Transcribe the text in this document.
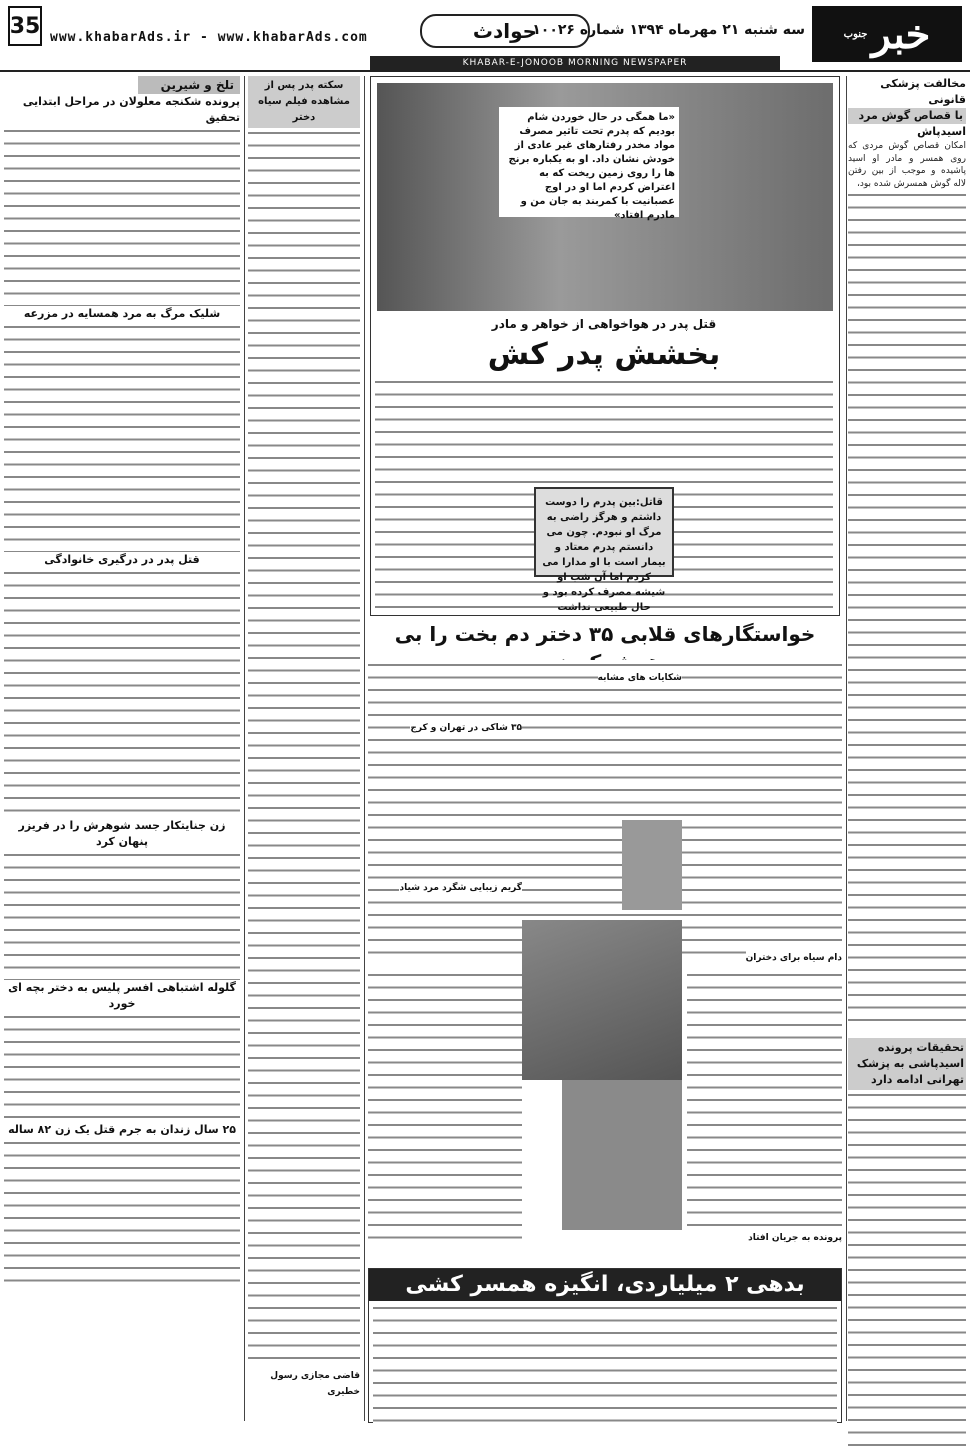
خبر
جنوب
سه شنبه ۲۱ مهرماه ۱۳۹۴ شماره ۱۰۰۲۶
حوادث
www.khabarAds.ir - www.khabarAds.com
35
KHABAR-E-JONOOB MORNING NEWSPAPER
مخالفت پزشکی قانونی
با قصاص گوش مرد
اسیدپاش
امکان قصاص گوش مردی که روی همسر و مادر او اسید پاشیده و موجب از بین رفتن لاله گوش همسرش شده بود،
تحقیقات پرونده اسیدپاشی به پزشک تهرانی ادامه دارد
«ما همگی در حال خوردن شام بودیم که پدرم تحت تاثیر مصرف مواد مخدر رفتارهای غیر عادی از خودش نشان داد. او به یکباره برنج ها را روی زمین ریخت که به اعتراض کردم اما او در اوج عصبانیت با کمربند به جان من و مادرم افتاد»
قتل پدر در هواخواهی از خواهر و مادر
بخشش پدر کش
قاتل:بین پدرم را دوست داشتم و هرگز راضی به مرگ او نبودم. چون می دانستم پدرم معتاد و بیمار است با او مدارا می کردم اما آن شب او شیشه مصرف کرده بود و حال طبیعی نداشت
خواستگارهای قلابی ۳۵ دختر دم بخت را بی
۳۵ شاکی در تهران و کرج
گریم زیبایی شگرد مرد شیاد
دام سیاه برای دختران
شکایات های مشابه
پرونده به جریان افتاد
بدهی ۲ میلیاردی، انگیزه همسر کشی
سکته پدر پس از مشاهده فیلم سیاه دختر
قاضی مجازی رسول خطیری
تلخ و شیرین
پرونده شکنجه معلولان در مراحل ابتدایی تحقیق
شلیک مرگ به مرد همسایه در مزرعه
قتل پدر در درگیری خانوادگی
زن جنایتکار جسد شوهرش را در فریزر پنهان کرد
گلوله اشتباهی افسر پلیس به دختر بچه ای خورد
۲۵ سال زندان به جرم قتل یک زن ۸۲ ساله
